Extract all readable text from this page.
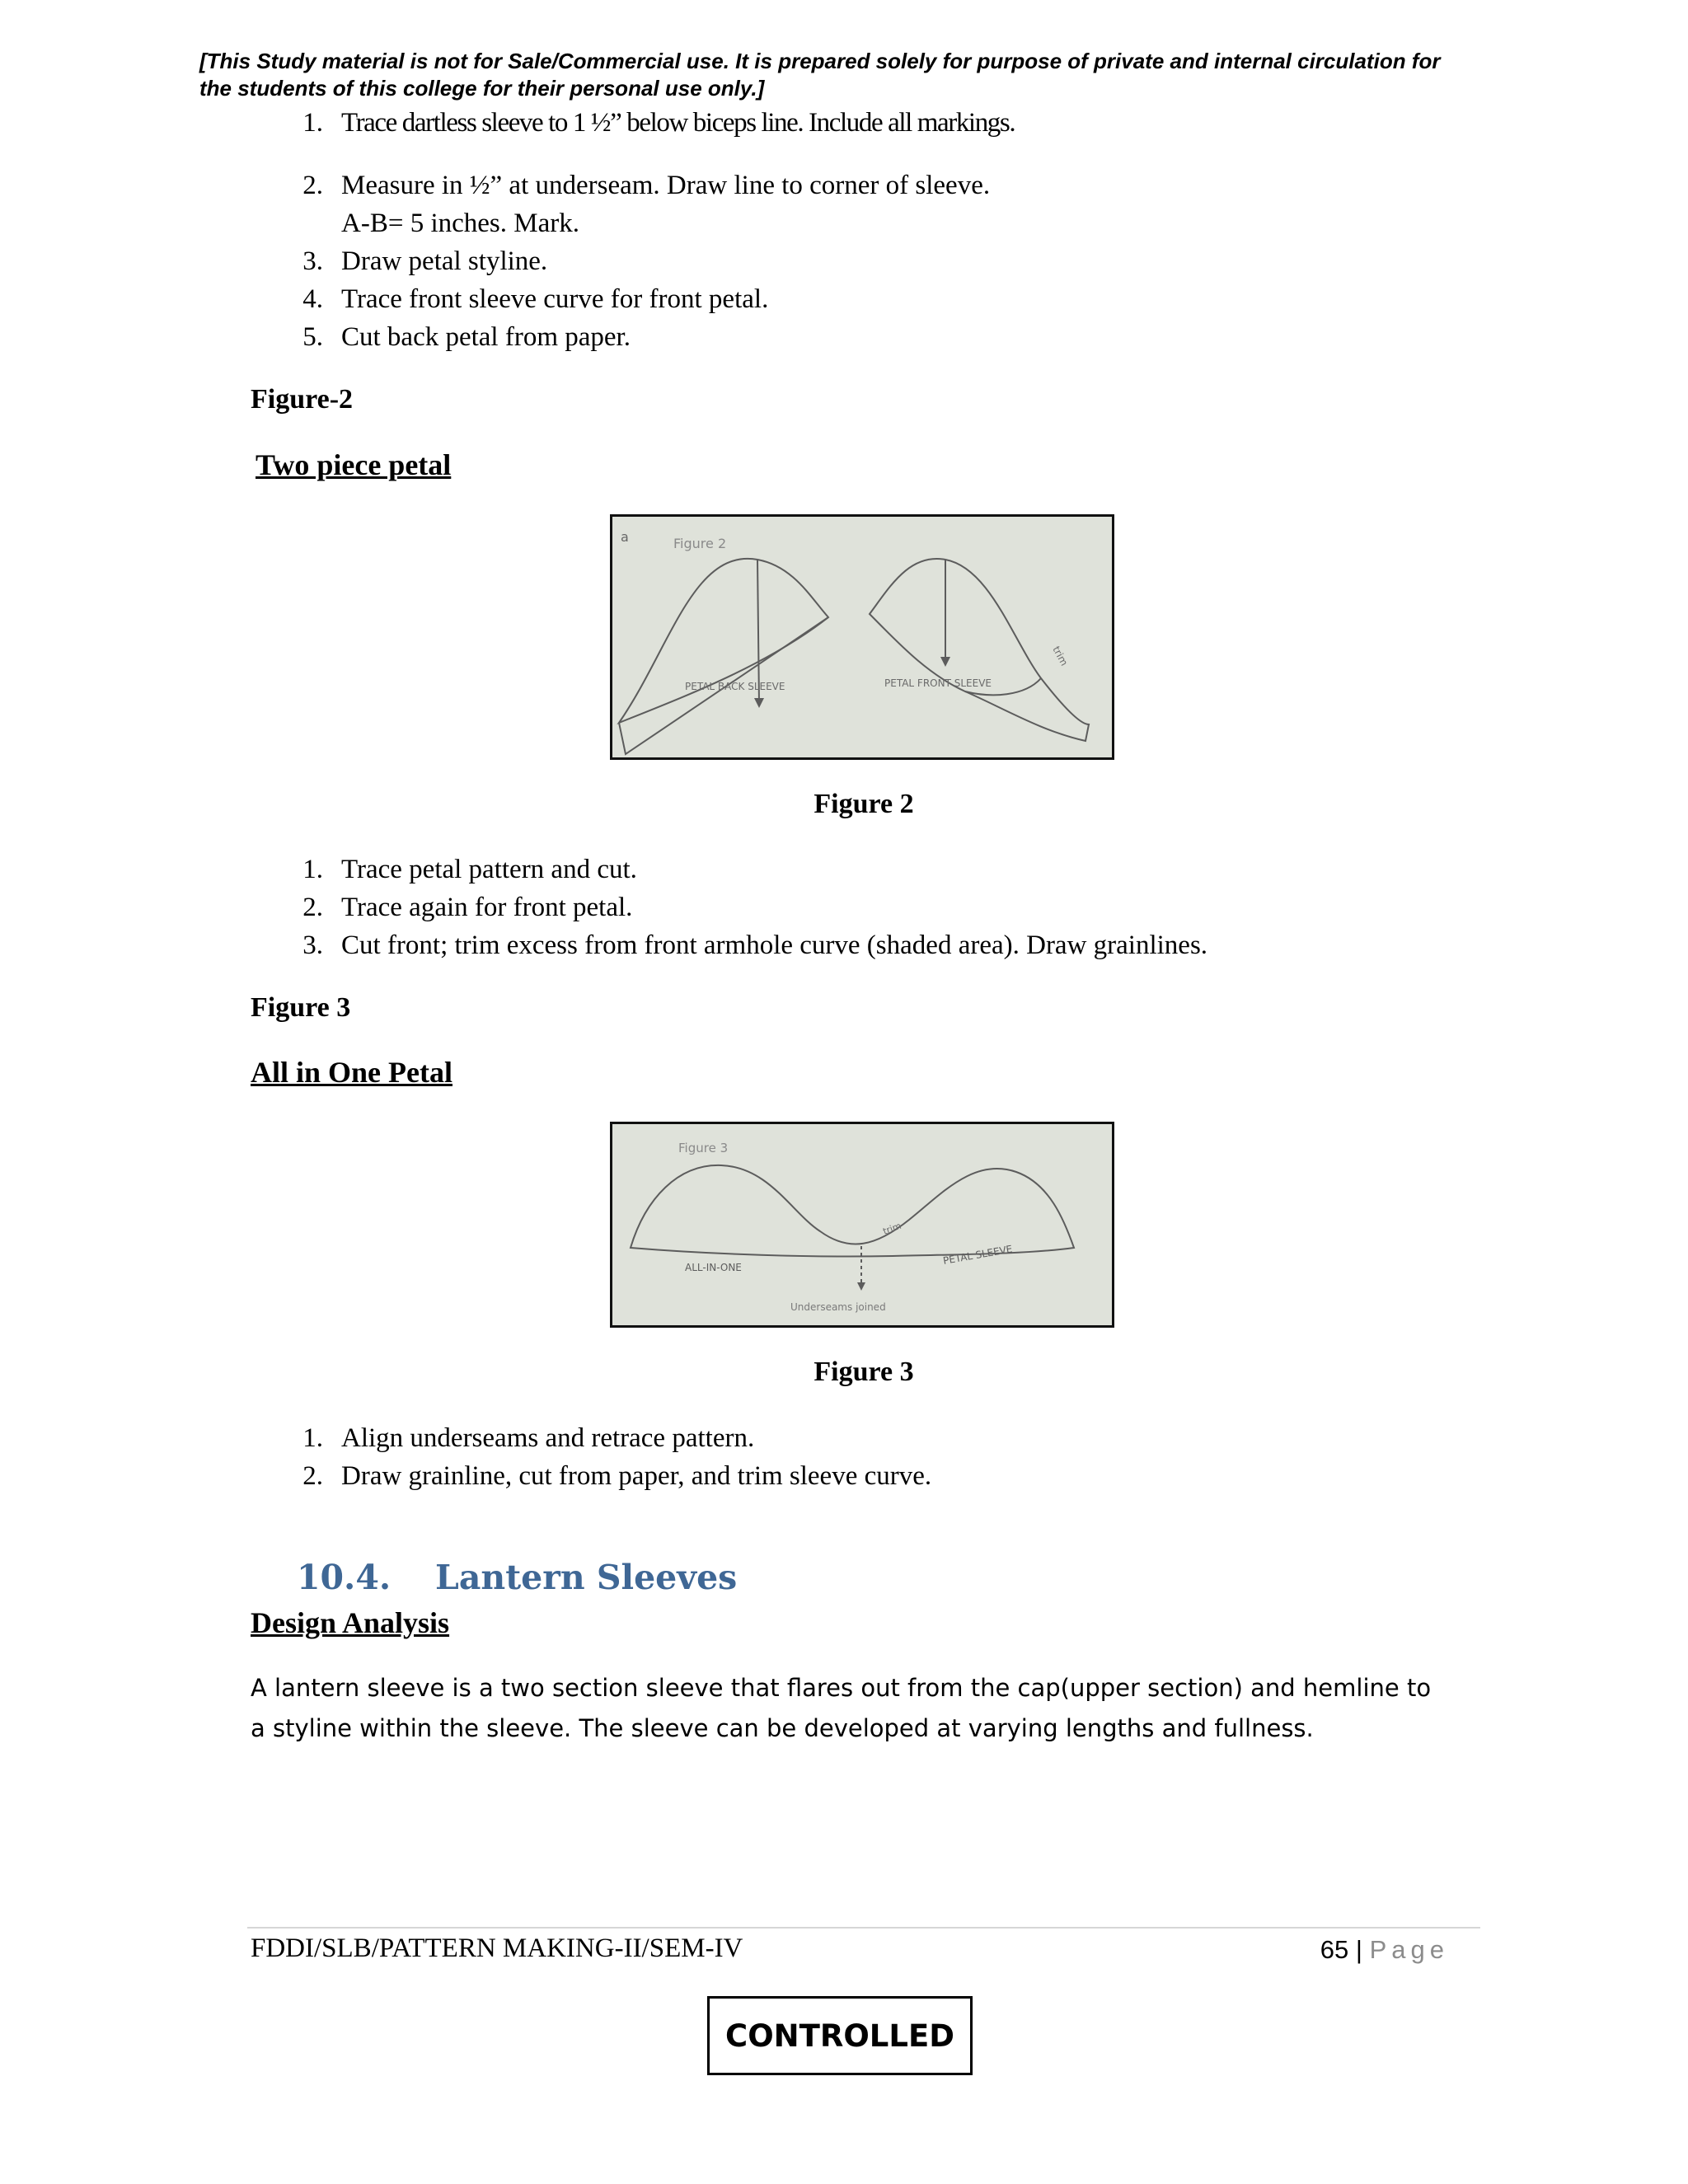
[This Study material is not for Sale/Commercial use. It is prepared solely for purpose of private and internal circulation for the students of this college for their personal use only.]
1. Trace dartless sleeve to 1 ½” below biceps line. Include all markings.
2. Measure in ½” at underseam. Draw line to corner of sleeve.
A-B= 5 inches. Mark.
3. Draw petal styline.
4. Trace front sleeve curve for front petal.
5. Cut back petal from paper.
Figure-2
Two piece petal
a	Figure 2
PETAL BACK SLEEVE	PETAL FRONT SLEEVE
trim
Figure 2
1. Trace petal pattern and cut.
2. Trace again for front petal.
3. Cut front; trim excess from front armhole curve (shaded area). Draw grainlines.
Figure 3
All in One Petal
Figure 3
ALL-IN-ONE
PETAL SLEEVE
trim
Underseams joined
Figure 3
1. Align underseams and retrace pattern.
2. Draw grainline, cut from paper, and trim sleeve curve.
10.4. Lantern Sleeves
Design Analysis
A lantern sleeve is a two section sleeve that flares out from the cap(upper section) and hemline to a styline within the sleeve. The sleeve can be developed at varying lengths and fullness.
FDDI/SLB/PATTERN MAKING-II/SEM-IV	65 | Page
CONTROLLED
